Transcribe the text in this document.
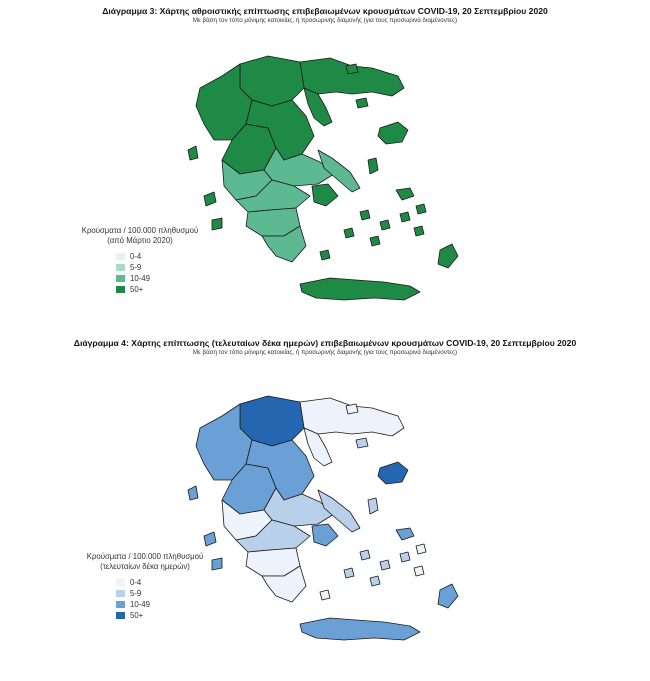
Διάγραμμα 3: Χάρτης αθροιστικής επίπτωσης επιβεβαιωμένων κρουσμάτων COVID-19, 20 Σεπτεμβρίου 2020
Με βάση τον τόπο μόνιμης κατοικίας, ή προσωρινής διαμονής (για τους προσωρινά διαμένοντες)
Κρούσματα / 100.000 πληθυσμού
(από Μάρτιο 2020)
0-4
5-9
10-49
50+
Διάγραμμα 4: Χάρτης επίπτωσης (τελευταίων δέκα ημερών) επιβεβαιωμένων κρουσμάτων COVID-19, 20 Σεπτεμβρίου 2020
Με βάση τον τόπο μόνιμης κατοικίας, ή προσωρινής διαμονής (για τους προσωρινά διαμένοντες)
Κρούσματα / 100.000 πληθυσμού
(τελευταίων δέκα ημερών)
0-4
5-9
10-49
50+
